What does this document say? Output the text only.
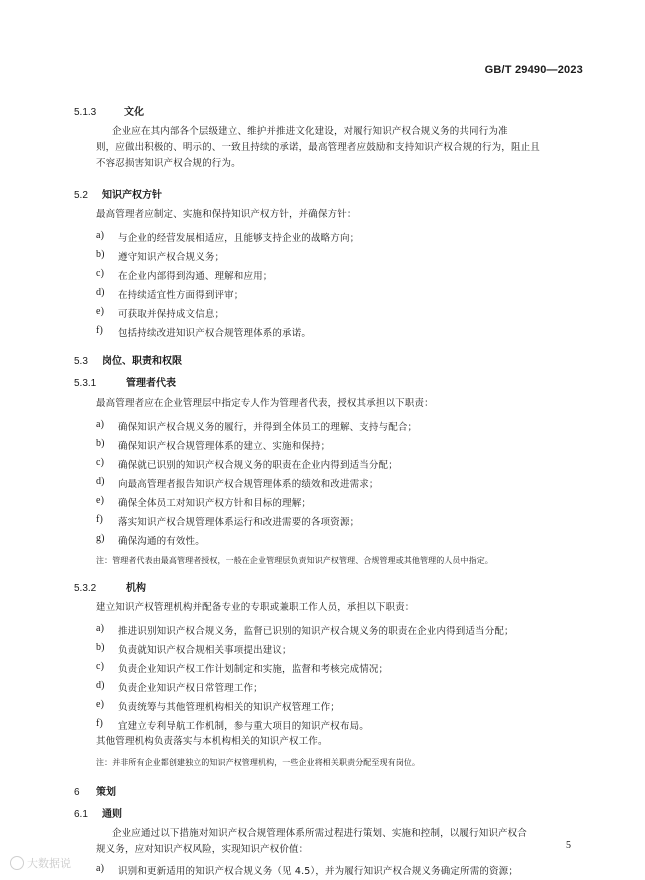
GB/T 29490—2023
5.1.3	文化
企业应在其内部各个层级建立、维护并推进文化建设，对履行知识产权合规义务的共同行为准
则，应做出积极的、明示的、一致且持续的承诺，最高管理者应鼓励和支持知识产权合规的行为，阻止且
不容忍损害知识产权合规的行为。
5.2 知识产权方针
最高管理者应制定、实施和保持知识产权方针，并确保方针：
a) 与企业的经营发展相适应，且能够支持企业的战略方向；
b) 遵守知识产权合规义务；
c) 在企业内部得到沟通、理解和应用；
d) 在持续适宜性方面得到评审；
e) 可获取并保持成文信息；
f) 包括持续改进知识产权合规管理体系的承诺。
5.3 岗位、职责和权限
5.3.1	管理者代表
最高管理者应在企业管理层中指定专人作为管理者代表，授权其承担以下职责：
a) 确保知识产权合规义务的履行，并得到全体员工的理解、支持与配合；
b) 确保知识产权合规管理体系的建立、实施和保持；
c) 确保就已识别的知识产权合规义务的职责在企业内得到适当分配；
d) 向最高管理者报告知识产权合规管理体系的绩效和改进需求；
e) 确保全体员工对知识产权方针和目标的理解；
f) 落实知识产权合规管理体系运行和改进需要的各项资源；
g) 确保沟通的有效性。
注：管理者代表由最高管理者授权，一般在企业管理层负责知识产权管理、合规管理或其他管理的人员中指定。
5.3.2	机构
建立知识产权管理机构并配备专业的专职或兼职工作人员，承担以下职责：
a) 推进识别知识产权合规义务，监督已识别的知识产权合规义务的职责在企业内得到适当分配；
b) 负责就知识产权合规相关事项提出建议；
c) 负责企业知识产权工作计划制定和实施，监督和考核完成情况；
d) 负责企业知识产权日常管理工作；
e) 负责统筹与其他管理机构相关的知识产权管理工作；
f) 宜建立专利导航工作机制，参与重大项目的知识产权布局。
其他管理机构负责落实与本机构相关的知识产权工作。
注：并非所有企业都创建独立的知识产权管理机构，一些企业将相关职责分配至现有岗位。
6 策划
6.1 通则
企业应通过以下措施对知识产权合规管理体系所需过程进行策划、实施和控制，以履行知识产权合
规义务，应对知识产权风险，实现知识产权价值：
a) 识别和更新适用的知识产权合规义务（见 4.5），并为履行知识产权合规义务确定所需的资源；
5
大数据说
